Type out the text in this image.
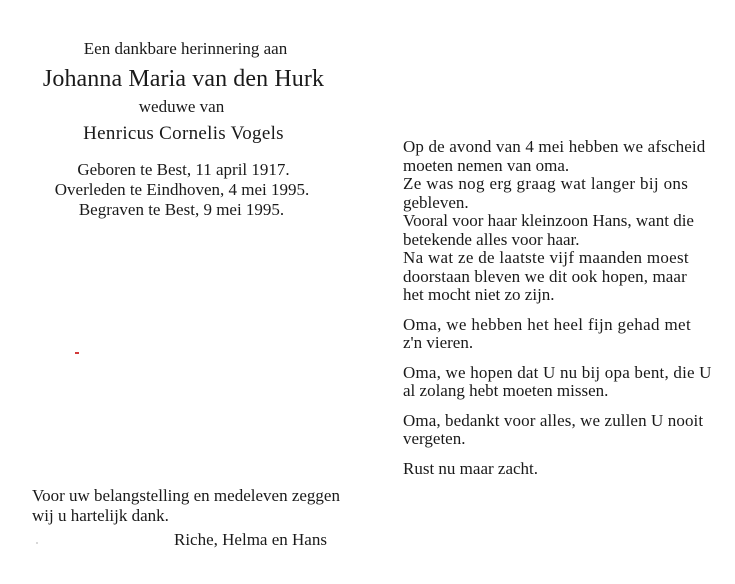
Een dankbare herinnering aan
Johanna Maria van den Hurk
weduwe van
Henricus Cornelis Vogels
Geboren te Best, 11 april 1917.
Overleden te Eindhoven, 4 mei 1995.
Begraven te Best, 9 mei 1995.
Voor uw belangstelling en medeleven zeggen
wij u hartelijk dank.
Riche, Helma en Hans
Op de avond van 4 mei hebben we afscheid
moeten nemen van oma.
Ze was nog erg graag wat langer bij ons
gebleven.
Vooral voor haar kleinzoon Hans, want die
betekende alles voor haar.
Na wat ze de laatste vijf maanden moest
doorstaan bleven we dit ook hopen, maar
het mocht niet zo zijn.
Oma, we hebben het heel fijn gehad met
z'n vieren.
Oma, we hopen dat U nu bij opa bent, die U
al zolang hebt moeten missen.
Oma, bedankt voor alles, we zullen U nooit
vergeten.
Rust nu maar zacht.
